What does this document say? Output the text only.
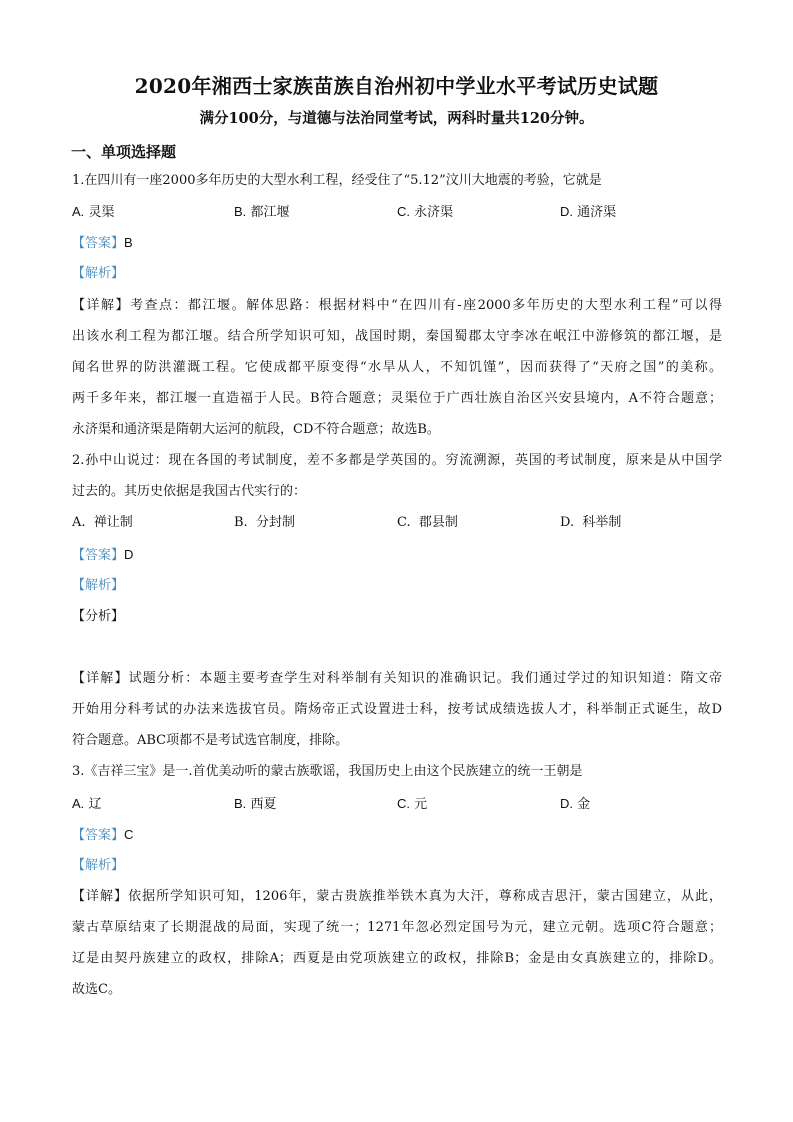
2020年湘西士家族苗族自治州初中学业水平考试历史试题
满分100分，与道德与法治同堂考试，两科时量共120分钟。
一、单项选择题
1.在四川有一座2000多年历史的大型水利工程，经受住了“5.12”汶川大地震的考验，它就是
A. 灵渠	B. 都江堰	C. 永济渠	D. 通济渠
【答案】B
【解析】
【详解】考查点：都江堰。解体思路：根据材料中“在四川有-座2000多年历史的大型水利工程”可以得
出该水利工程为都江堰。结合所学知识可知，战国时期，秦国蜀郡太守李冰在岷江中游修筑的都江堰，是
闻名世界的防洪灌溉工程。它使成都平原变得“水旱从人，不知饥馑”，因而获得了“天府之国”的美称。
两千多年来，都江堰一直造福于人民。B符合题意；灵渠位于广西壮族自治区兴安县境内，A不符合题意；
永济渠和通济渠是隋朝大运河的航段，CD不符合题意；故选B。
2.孙中山说过：现在各国的考试制度，差不多都是学英国的。穷流溯源，英国的考试制度，原来是从中国学
过去的。其历史依据是我国古代实行的：
A. 禅让制	B. 分封制	C. 郡县制	D. 科举制
【答案】D
【解析】
【分析】
【详解】试题分析：本题主要考查学生对科举制有关知识的准确识记。我们通过学过的知识知道：隋文帝
开始用分科考试的办法来选拔官员。隋炀帝正式设置进士科，按考试成绩选拔人才，科举制正式诞生，故D
符合题意。ABC项都不是考试选官制度，排除。
3.《吉祥三宝》是一.首优美动听的蒙古族歌谣，我国历史上由这个民族建立的统一王朝是
A. 辽	B. 西夏	C. 元	D. 金
【答案】C
【解析】
【详解】依据所学知识可知，1206年，蒙古贵族推举铁木真为大汗，尊称成吉思汗，蒙古国建立，从此，
蒙古草原结束了长期混战的局面，实现了统一；1271年忽必烈定国号为元，建立元朝。选项C符合题意；
辽是由契丹族建立的政权，排除A；西夏是由党项族建立的政权，排除B；金是由女真族建立的，排除D。
故选C。
